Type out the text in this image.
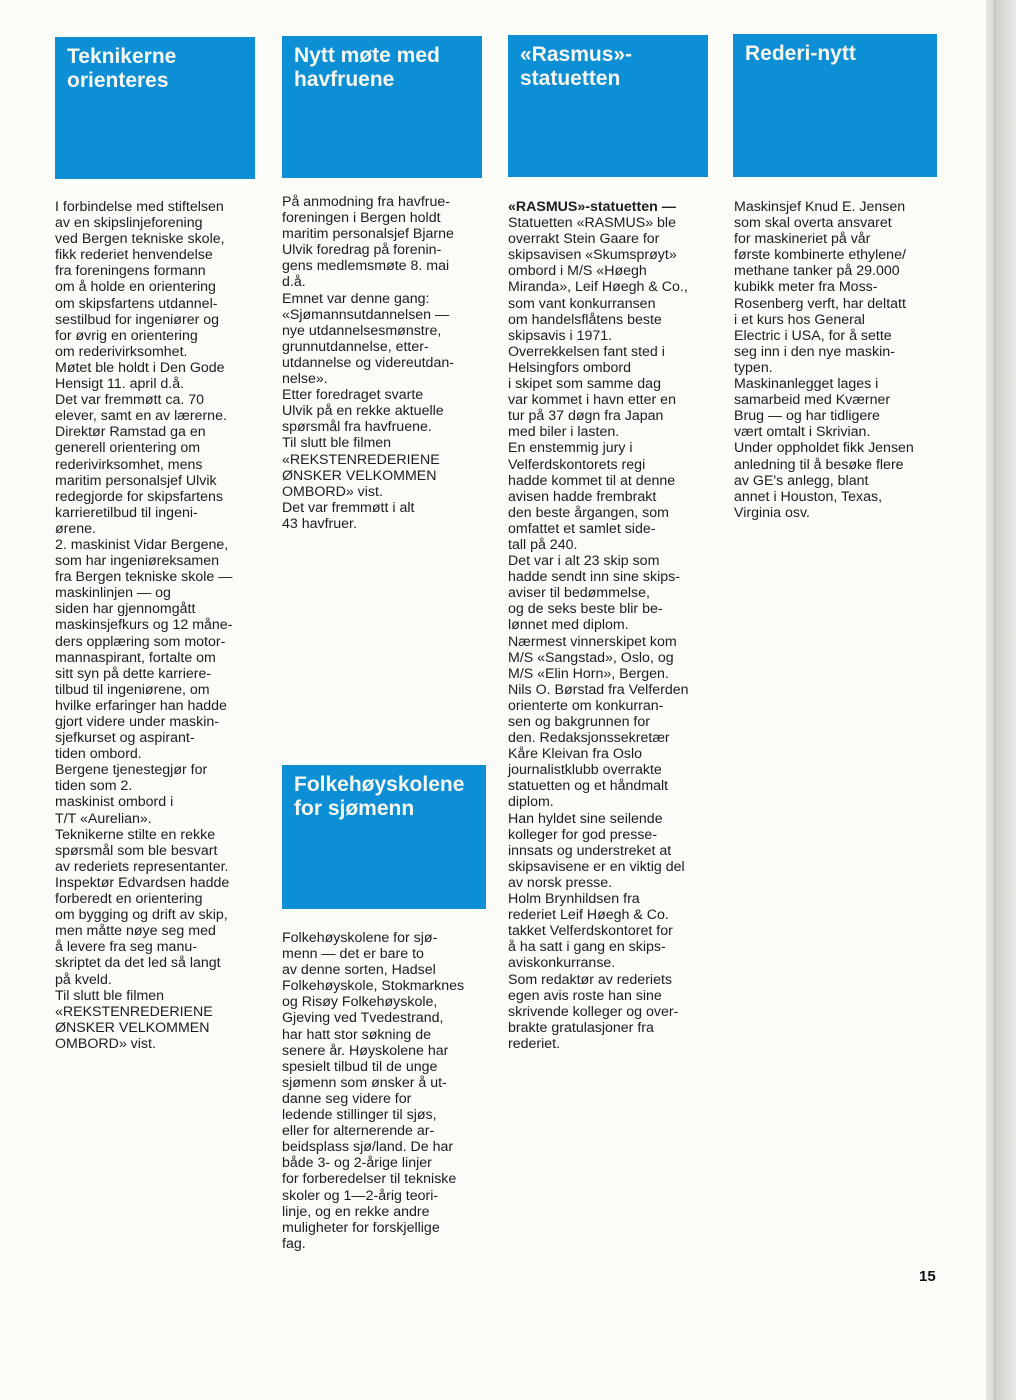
Teknikerne
orienteres
Nytt møte med
havfruene
«Rasmus»-
statuetten
Rederi-nytt
Folkehøyskolene
for sjømenn

I forbindelse med stiftelsen
av en skipslinjeforening
ved Bergen tekniske skole,
fikk rederiet henvendelse
fra foreningens formann
om å holde en orientering
om skipsfartens utdannel-
sestilbud for ingeniører og
for øvrig en orientering
om rederivirksomhet.
Møtet ble holdt i Den Gode
Hensigt 11. april d.å.
Det var fremmøtt ca. 70
elever, samt en av lærerne.
Direktør Ramstad ga en
generell orientering om
rederivirksomhet, mens
maritim personalsjef Ulvik
redegjorde for skipsfartens
karrieretilbud til ingeni-
ørene.
2. maskinist Vidar Bergene,
som har ingeniøreksamen
fra Bergen tekniske skole —
maskinlinjen — og
siden har gjennomgått
maskinsjefkurs og 12 måne-
ders opplæring som motor-
mannaspirant, fortalte om
sitt syn på dette karriere-
tilbud til ingeniørene, om
hvilke erfaringer han hadde
gjort videre under maskin-
sjefkurset og aspirant-
tiden ombord.
Bergene tjenestegjør for
tiden som 2.
maskinist ombord i
T/T «Aurelian».
Teknikerne stilte en rekke
spørsmål som ble besvart
av rederiets representanter.
Inspektør Edvardsen hadde
forberedt en orientering
om bygging og drift av skip,
men måtte nøye seg med
å levere fra seg manu-
skriptet da det led så langt
på kveld.
Til slutt ble filmen
«REKSTENREDERIENE
ØNSKER VELKOMMEN
OMBORD» vist.

På anmodning fra havfrue-
foreningen i Bergen holdt
maritim personalsjef Bjarne
Ulvik foredrag på forenin-
gens medlemsmøte 8. mai
d.å.
Emnet var denne gang:
«Sjømannsutdannelsen —
nye utdannelsesmønstre,
grunnutdannelse, etter-
utdannelse og videreutdan-
nelse».
Etter foredraget svarte
Ulvik på en rekke aktuelle
spørsmål fra havfruene.
Til slutt ble filmen
«REKSTENREDERIENE
ØNSKER VELKOMMEN
OMBORD» vist.
Det var fremmøtt i alt
43 havfruer.

Folkehøyskolene for sjø-
menn — det er bare to
av denne sorten, Hadsel
Folkehøyskole, Stokmarknes
og Risøy Folkehøyskole,
Gjeving ved Tvedestrand,
har hatt stor søkning de
senere år. Høyskolene har
spesielt tilbud til de unge
sjømenn som ønsker å ut-
danne seg videre for
ledende stillinger til sjøs,
eller for alternerende ar-
beidsplass sjø/land. De har
både 3- og 2-årige linjer
for forberedelser til tekniske
skoler og 1—2-årig teori-
linje, og en rekke andre
muligheter for forskjellige
fag.

«RASMUS»-statuetten —

Statuetten «RASMUS» ble
overrakt Stein Gaare for
skipsavisen «Skumsprøyt»
ombord i M/S «Høegh
Miranda», Leif Høegh & Co.,
som vant konkurransen
om handelsflåtens beste
skipsavis i 1971.
Overrekkelsen fant sted i
Helsingfors ombord
i skipet som samme dag
var kommet i havn etter en
tur på 37 døgn fra Japan
med biler i lasten.
En enstemmig jury i
Velferdskontorets regi
hadde kommet til at denne
avisen hadde frembrakt
den beste årgangen, som
omfattet et samlet side-
tall på 240.
Det var i alt 23 skip som
hadde sendt inn sine skips-
aviser til bedømmelse,
og de seks beste blir be-
lønnet med diplom.
Nærmest vinnerskipet kom
M/S «Sangstad», Oslo, og
M/S «Elin Horn», Bergen.
Nils O. Børstad fra Velferden
orienterte om konkurran-
sen og bakgrunnen for
den. Redaksjonssekretær
Kåre Kleivan fra Oslo
journalistklubb overrakte
statuetten og et håndmalt
diplom.
Han hyldet sine seilende
kolleger for god presse-
innsats og understreket at
skipsavisene er en viktig del
av norsk presse.
Holm Brynhildsen fra
rederiet Leif Høegh & Co.
takket Velferdskontoret for
å ha satt i gang en skips-
aviskonkurranse.
Som redaktør av rederiets
egen avis roste han sine
skrivende kolleger og over-
brakte gratulasjoner fra
rederiet.

Maskinsjef Knud E. Jensen
som skal overta ansvaret
for maskineriet på vår
første kombinerte ethylene/
methane tanker på 29.000
kubikk meter fra Moss-
Rosenberg verft, har deltatt
i et kurs hos General
Electric i USA, for å sette
seg inn i den nye maskin-
typen.
Maskinanlegget lages i
samarbeid med Kværner
Brug — og har tidligere
vært omtalt i Skrivian.
Under oppholdet fikk Jensen
anledning til å besøke flere
av GE's anlegg, blant
annet i Houston, Texas,
Virginia osv.

15
